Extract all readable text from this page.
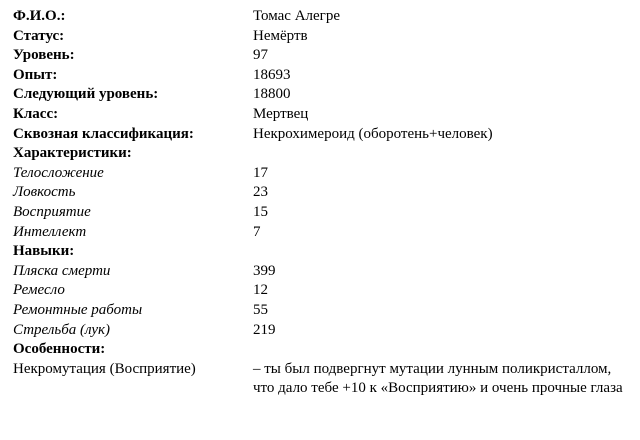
Ф.И.О.:	Томас Алегре
Статус:	Немёртв
Уровень:	97
Опыт:	18693
Следующий уровень:	18800
Класс:	Мертвец
Сквозная классификация:	Некрохимероид (оборотень+человек)
Характеристики:
Телосложение	17
Ловкость	23
Восприятие	15
Интеллект	7
Навыки:
Пляска смерти	399
Ремесло	12
Ремонтные работы	55
Стрельба (лук)	219
Особенности:
Некромутация (Восприятие)	– ты был подвергнут мутации лунным поликристаллом, что дало тебе +10 к «Восприятию» и очень прочные глаза
